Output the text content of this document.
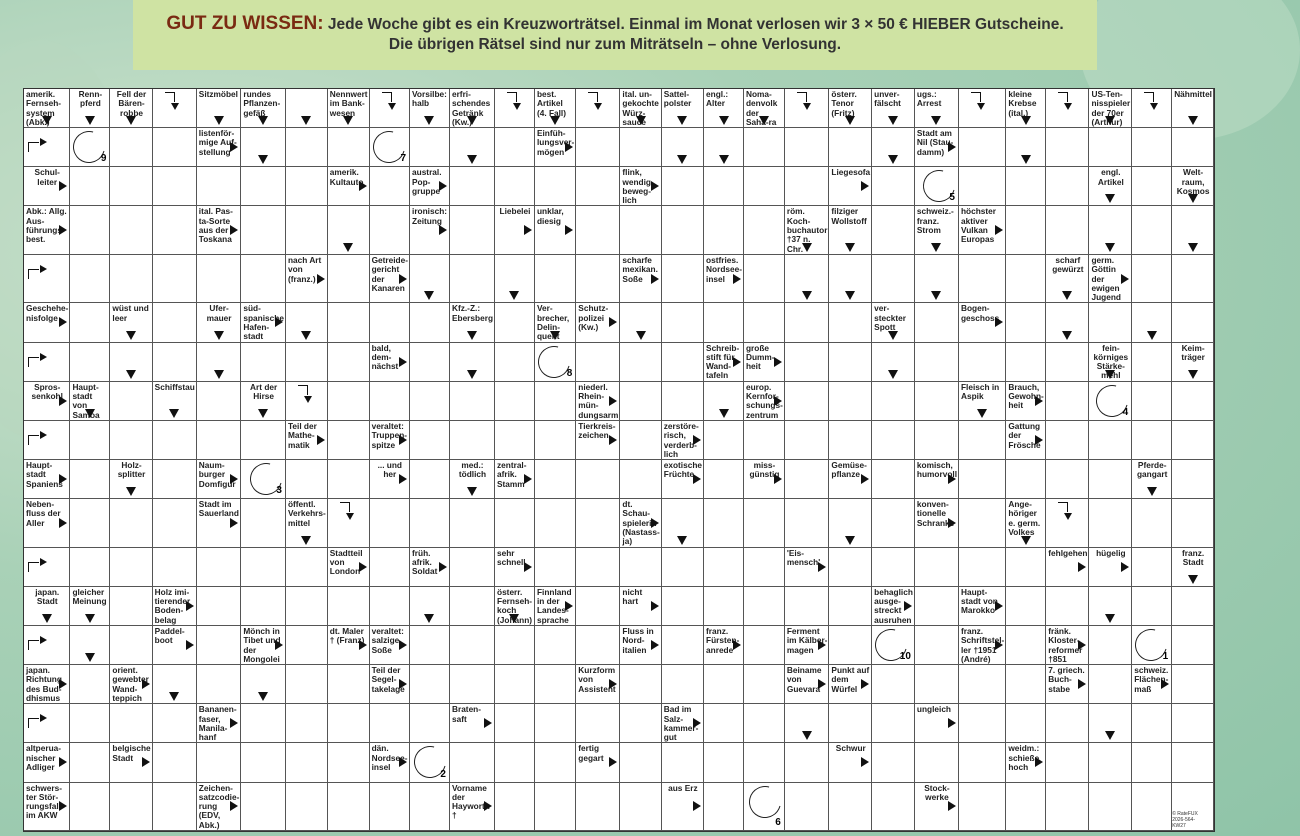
GUT ZU WISSEN: Jede Woche gibt es ein Kreuzworträtsel. Einmal im Monat verlosen wir 3 × 50 € HIEBER Gutscheine.
Die übrigen Rätsel sind nur zum Miträtseln – ohne Verlosung.
amerik. Fernseh-system (Abk.)
Renn-pferd
Fell der Bären-robbe
Sitzmöbel rundes Pflanzen-gefäß
Nennwert im Bank-wesen
Vorsilbe: halb
erfri-schendes Getränk (Kw.)
best. Artikel (4. Fall)
ital. un-gekochte Würz-sauce
Sattel-polster
engl.: Alter
Noma-denvolk der Saha-ra
österr. Tenor (Fritz)
unver-fälscht
ugs.: Arrest
kleine Krebse (ital.)
US-Ten-nisspieler der 70er (Arthur)
Nähmittel
9
listenför-mige Auf-stellung
7
Einfüh-lungsver-mögen
Stadt am Nil (Stau-damm)
Schul-leiter
amerik. Kultauto
austral. Pop-gruppe
flink, wendig, beweg-lich
Liegesofa
5
engl. Artikel
Welt-raum, Kosmos
Abk.: Allg. Aus-führungs-best.
ital. Pas-ta-Sorte aus der Toskana
ironisch: Zeitung
Liebelei unklar, diesig
röm. Koch-buchautor †37 n. Chr.
filziger Wollstoff
schweiz.-franz. Strom
höchster aktiver Vulkan Europas
nach Art von (franz.)
Getreide-gericht der Kanaren
scharfe mexikan. Soße
ostfries. Nordsee-insel
scharf gewürzt
germ. Göttin der ewigen Jugend
Geschehe-nisfolge
wüst und leer
Ufer-mauer
süd-spanische Hafen-stadt
Kfz.-Z.: Ebersberg
Ver-brecher, Delin-quent
Schutz-polizei (Kw.)
ver-steckter Spott
Bogen-geschoss
bald, dem-nächst
8
Schreib-stift für Wand-tafeln
große Dumm-heit
fein-körniges Stärke-mehl
Keim-träger
Spros-senkohl
Haupt-stadt von Samoa
Schiffstau	Art der Hirse
niederl. Rhein-mün-dungsarm
europ. Kernfor-schungs-zentrum
Fleisch in Aspik
Brauch, Gewohn-heit
4
Teil der Mathe-matik
veraltet: Truppen-spitze
Tierkreis-zeichen
zerstöre-risch, verderb-lich
Gattung der Frösche
Haupt-stadt Spaniens
Holz-splitter
Naum-burger Domfigur
3
... und her
med.: tödlich
zentral-afrik. Stamm
exotische Früchte
miss-günstig
Gemüse-pflanze
komisch, humorvoll
Pferde-gangart
Neben-fluss der Aller
Stadt im Sauerland
öffentl. Verkehrs-mittel
dt. Schau-spielerin (Nastass-ja)
konven-tionelle Schranke
Ange-höriger e. germ. Volkes
Stadtteil von London
früh. afrik. Soldat
sehr schnell
'Eis-mensch'
fehlgehen	hügelig	franz. Stadt
japan. Stadt
gleicher Meinung
Holz imi-tierender Boden-belag
österr. Fernseh-koch (Johann)
Finnland in der Landes-sprache
nicht hart
behaglich ausge-streckt ausruhen
Haupt-stadt von Marokko
Paddel-boot
Mönch in Tibet und der Mongolei
dt. Maler † (Franz)
veraltet: salzige Soße
Fluss in Nord-italien
franz. Fürsten-anrede
Ferment im Kälber-magen
10
franz. Schriftstel-ler †1951 (André)
fränk. Kloster-reformer †851	1
japan. Richtung des Bud-dhismus
orient. gewebter Wand-teppich
Teil der Segel-takelage
Kurzform von Assistent
Beiname von Guevara
Punkt auf dem Würfel
7. griech. Buch-stabe
schweiz. Flächen-maß
Bananen-faser, Manila-hanf
Braten-saft
Bad im Salz-kammer-gut
ungleich
altperua-nischer Adliger
belgische Stadt
dän. Nordsee-insel
2
fertig gegart
Schwur	weidm.: schieße hoch
schwers-ter Stör-rungsfall im AKW
Zeichen-satzcodie-rung (EDV, Abk.)
Vorname der Hayworth †
aus Erz
6
Stock-werke
© RateFUX 2026-564-KW27
